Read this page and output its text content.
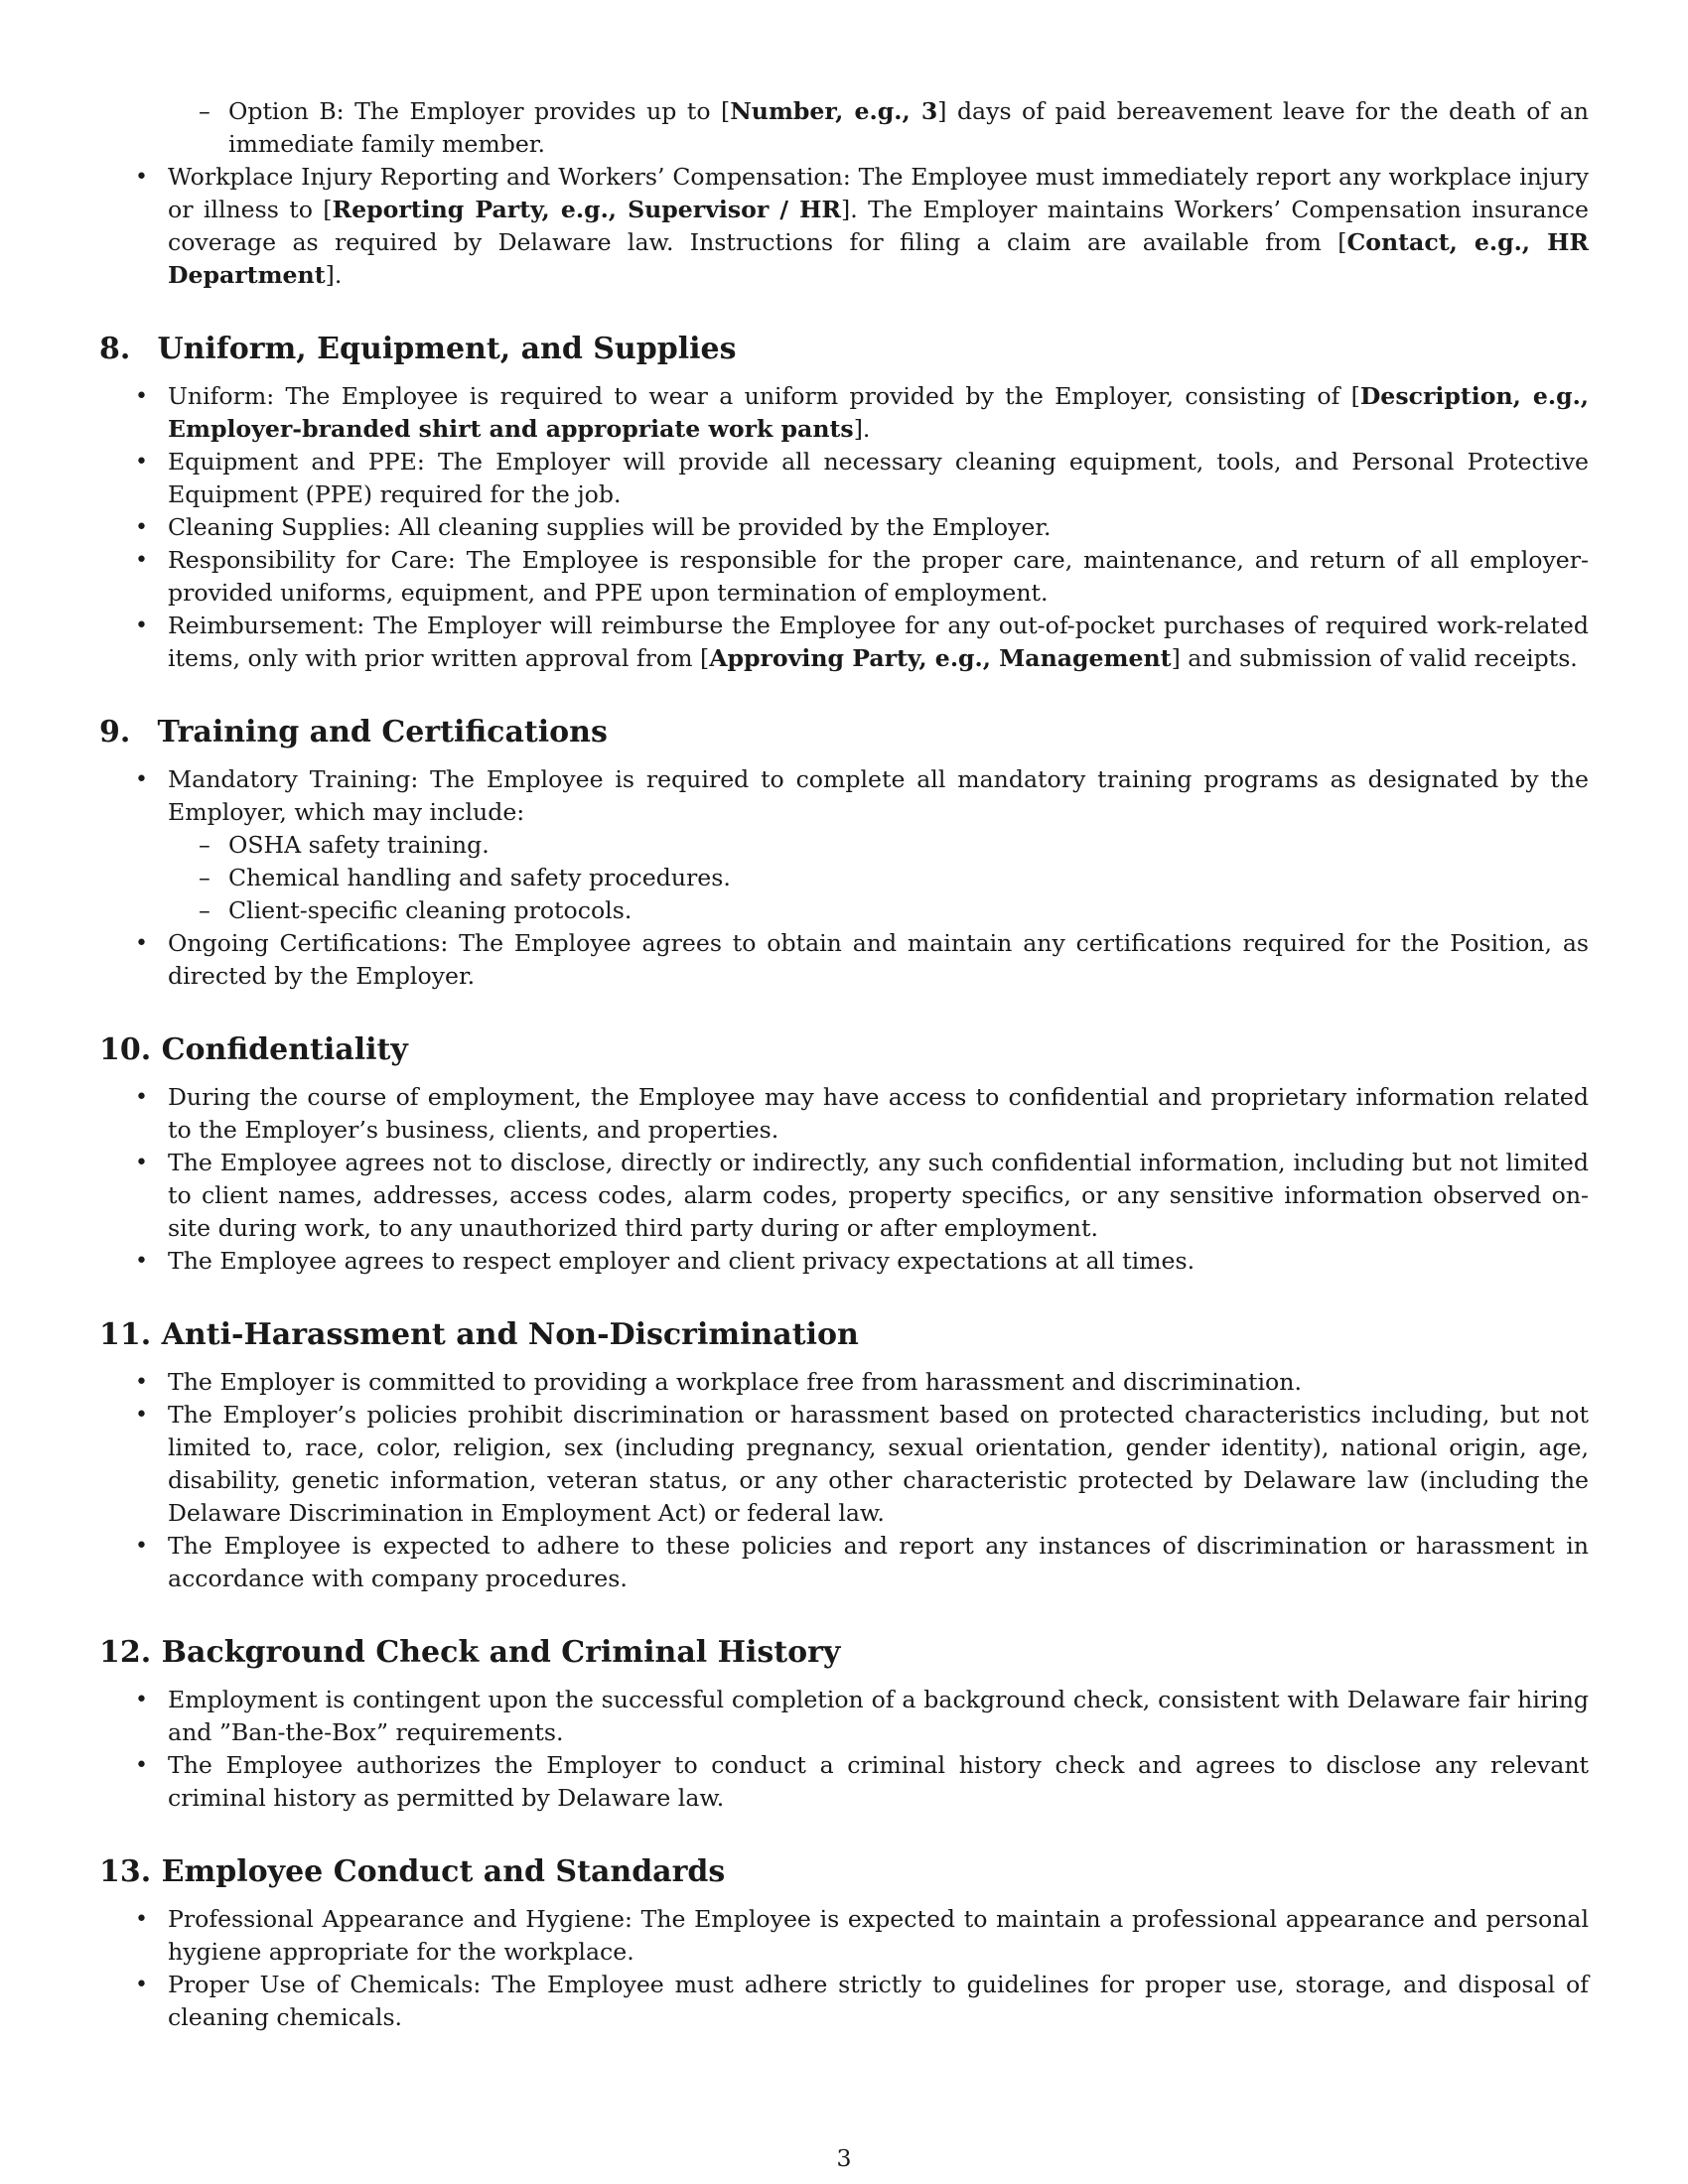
– Option B: The Employer provides up to [Number, e.g., 3] days of paid bereavement leave for the death of an immediate family member.
• Workplace Injury Reporting and Workers’ Compensation: The Employee must immediately report any workplace injury or illness to [Reporting Party, e.g., Supervisor / HR]. The Employer maintains Workers’ Compensation insurance coverage as required by Delaware law. Instructions for filing a claim are available from [Contact, e.g., HR Department].
8. Uniform, Equipment, and Supplies
• Uniform: The Employee is required to wear a uniform provided by the Employer, consisting of [Description, e.g., Employer-branded shirt and appropriate work pants].
• Equipment and PPE: The Employer will provide all necessary cleaning equipment, tools, and Personal Protective Equipment (PPE) required for the job.
• Cleaning Supplies: All cleaning supplies will be provided by the Employer.
• Responsibility for Care: The Employee is responsible for the proper care, maintenance, and return of all employer-provided uniforms, equipment, and PPE upon termination of employment.
• Reimbursement: The Employer will reimburse the Employee for any out-of-pocket purchases of required work-related items, only with prior written approval from [Approving Party, e.g., Management] and submission of valid receipts.
9. Training and Certifications
• Mandatory Training: The Employee is required to complete all mandatory training programs as designated by the Employer, which may include:
– OSHA safety training.
– Chemical handling and safety procedures.
– Client-specific cleaning protocols.
• Ongoing Certifications: The Employee agrees to obtain and maintain any certifications required for the Position, as directed by the Employer.
10. Confidentiality
• During the course of employment, the Employee may have access to confidential and proprietary information related to the Employer’s business, clients, and properties.
• The Employee agrees not to disclose, directly or indirectly, any such confidential information, including but not limited to client names, addresses, access codes, alarm codes, property specifics, or any sensitive information observed on-site during work, to any unauthorized third party during or after employment.
• The Employee agrees to respect employer and client privacy expectations at all times.
11. Anti-Harassment and Non-Discrimination
• The Employer is committed to providing a workplace free from harassment and discrimination.
• The Employer’s policies prohibit discrimination or harassment based on protected characteristics including, but not limited to, race, color, religion, sex (including pregnancy, sexual orientation, gender identity), national origin, age, disability, genetic information, veteran status, or any other characteristic protected by Delaware law (including the Delaware Discrimination in Employment Act) or federal law.
• The Employee is expected to adhere to these policies and report any instances of discrimination or harassment in accordance with company procedures.
12. Background Check and Criminal History
• Employment is contingent upon the successful completion of a background check, consistent with Delaware fair hiring and ”Ban-the-Box” requirements.
• The Employee authorizes the Employer to conduct a criminal history check and agrees to disclose any relevant criminal history as permitted by Delaware law.
13. Employee Conduct and Standards
• Professional Appearance and Hygiene: The Employee is expected to maintain a professional appearance and personal hygiene appropriate for the workplace.
• Proper Use of Chemicals: The Employee must adhere strictly to guidelines for proper use, storage, and disposal of cleaning chemicals.
3
